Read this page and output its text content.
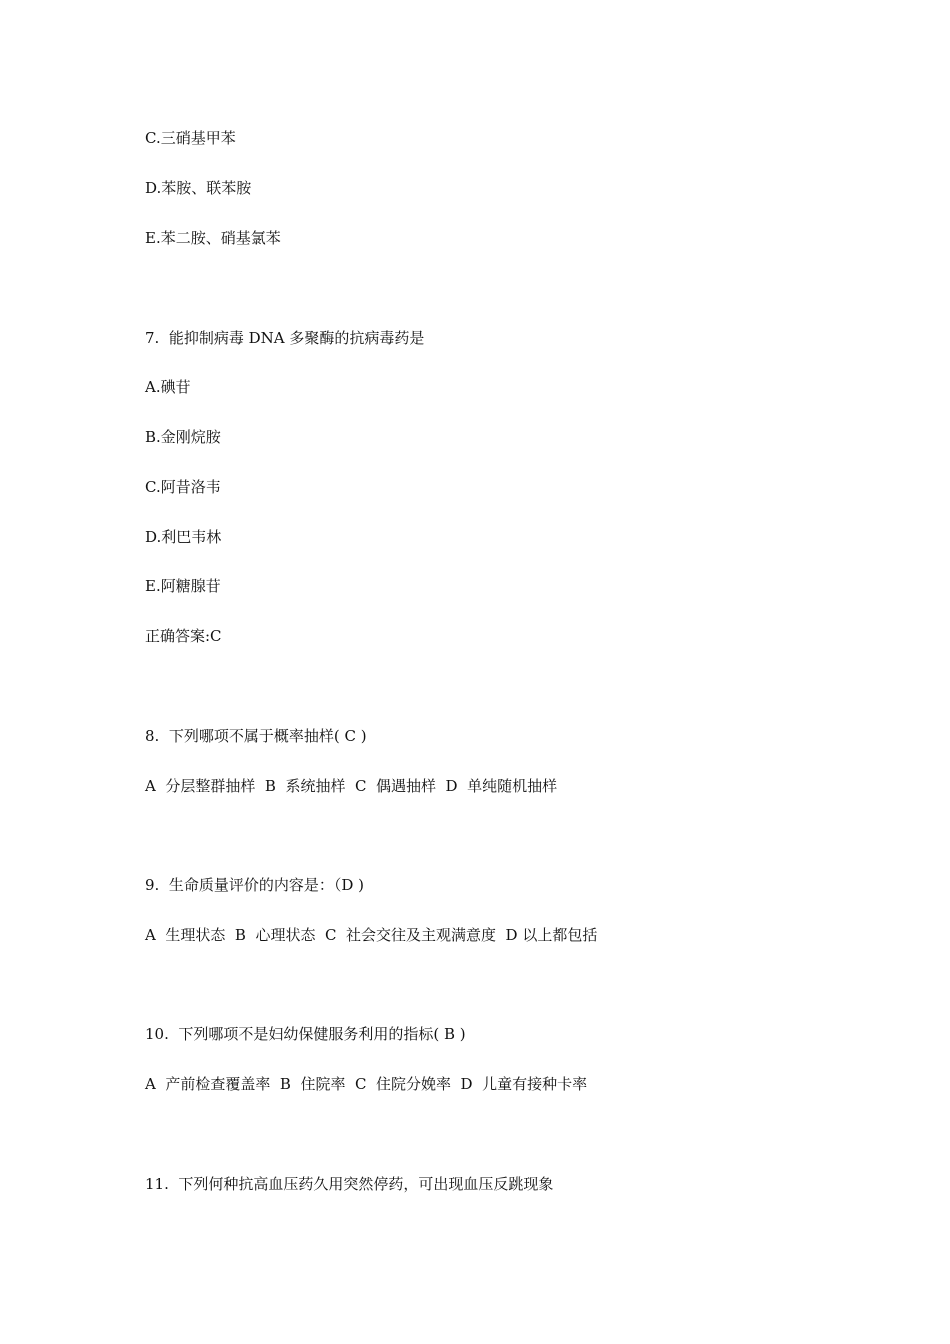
C.三硝基甲苯
D.苯胺、联苯胺
E.苯二胺、硝基氯苯
7.  能抑制病毒 DNA 多聚酶的抗病毒药是
A.碘苷
B.金刚烷胺
C.阿昔洛韦
D.利巴韦林
E.阿糖腺苷
正确答案:C
8.  下列哪项不属于概率抽样( C )
A  分层整群抽样  B  系统抽样  C  偶遇抽样  D  单纯随机抽样
9.  生命质量评价的内容是：（D )
A  生理状态  B  心理状态  C  社会交往及主观满意度  D 以上都包括
10.  下列哪项不是妇幼保健服务利用的指标( B )
A  产前检查覆盖率  B  住院率  C  住院分娩率  D  儿童有接种卡率
11.  下列何种抗高血压药久用突然停药，可出现血压反跳现象
